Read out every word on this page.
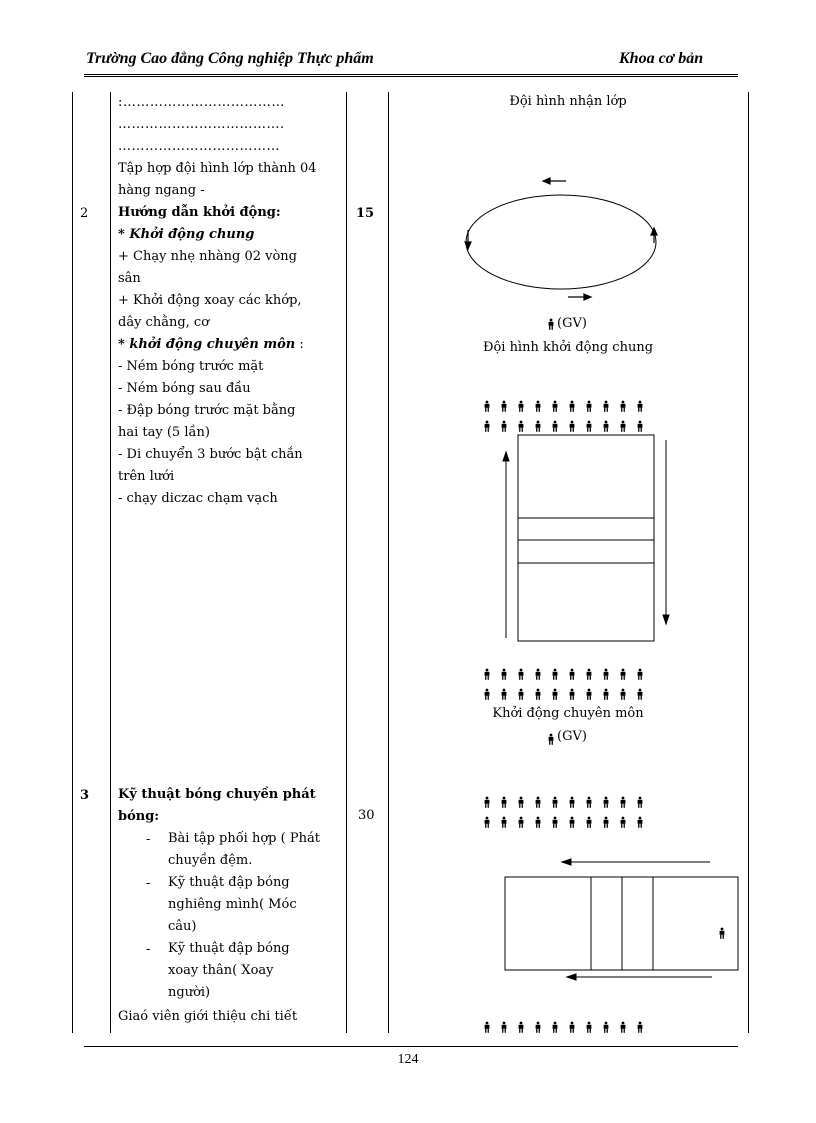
Trường Cao đẳng Công nghiệp Thực phẩm	Khoa cơ bản
:………………………………
……………………………….
………………………………
2	15
Tập hợp đội hình lớp thành 04
hàng ngang -
Hướng dẫn khởi động:
* Khởi động chung
+ Chạy nhẹ nhàng 02 vòng
sân
+ Khởi động xoay các khớp,
dây chằng, cơ
* khởi động chuyên môn :
- Ném bóng trước mặt
- Ném bóng sau đầu
- Đập bóng trước mặt bằng
hai tay (5 lần)
- Di chuyển 3 bước bật chắn
trên lưới
- chạy diczac chạm vạch
3
30
Kỹ thuật bóng chuyền phát
bóng:
- Bài tập phối hợp ( Phát
chuyền đệm.
- Kỹ thuật đập bóng
nghiêng mình( Móc
câu)
- Kỹ thuật đập bóng
xoay thân( Xoay
người)
Giaó viên giới thiệu chi tiết
Đội hình nhận lớp
(GV)
Đội hình khởi động chung
Khởi động chuyên môn
(GV)
124
